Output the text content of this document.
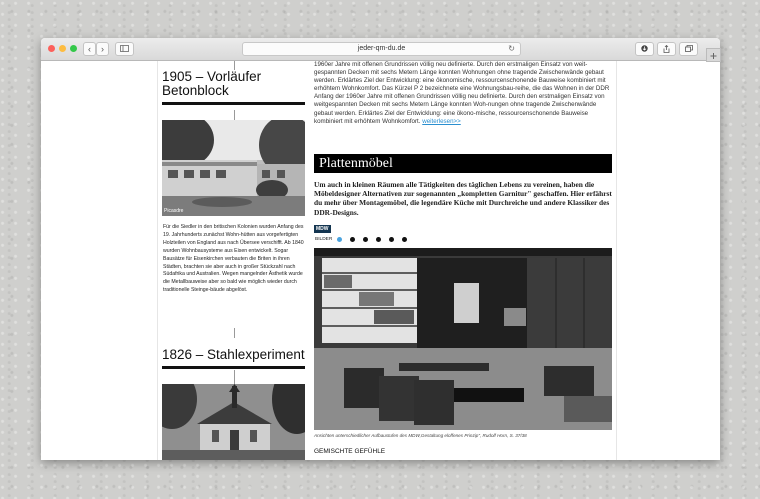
‹	›	jeder-qm-du.de	↻
1905 – Vorläufer Betonblock
Picasdre
Für die Siedler in den britischen Kolonien wurden Anfang des 19. Jahrhunderts zunächst Wohn-hütten aus vorgefertigten Holzteilen von England aus nach Übersee verschifft. Ab 1840 wurden Wohnbausysteme aus Eisen entwickelt. Sogar Bausätze für Eisenkirchen verbauten die Briten in ihren Städten, brachten sie aber auch in großer Stückzahl nach Südafrika und Australien. Wegen mangelnder Ästhetik wurde die Metallbauweise aber so bald wie möglich wieder durch traditionelle Steinge-bäude abgelöst.
1826 – Stahlexperiment
1960er Jahre mit offenen Grundrissen völlig neu definierte. Durch den erstmaligen Einsatz von weit-gespannten Decken mit sechs Metern Länge konnten Wohnungen ohne tragende Zwischenwände gebaut werden. Erklärtes Ziel der Entwicklung: eine ökonomische, ressourcenschonende Bauweise kombiniert mit erhöhtem Wohnkomfort. Das Kürzel P 2 bezeichnete eine Wohnungsbau-reihe, die das Wohnen in der DDR Anfang der 1960er Jahre mit offenen Grundrissen völlig neu definierte. Durch den erstmaligen Einsatz von weitgespannten Decken mit sechs Metern Länge konnten Woh-nungen ohne tragende Zwischenwände gebaut werden. Erklärtes Ziel der Entwicklung: eine ökono-mische, ressourcenschonende Bauweise kombiniert mit erhöhtem Wohnkomfort. weiterlesen>>
Plattenmöbel
Um auch in kleinen Räumen alle Tätigkeiten des täglichen Lebens zu vereinen, haben die Möbeldesigner Alternativen zur sogenannten „kompletten Garnitur" geschaffen. Hier erfährst du mehr über Montagemöbel, die legendäre Küche mit Durchreiche und andere Klassiker des DDR-Designs.
MDW
BILDER
Ansichten unterschiedlicher Aufbaustufen des MDW,Gestaltung eloffenes Prinzip", Rudolf Horn, S. 37/38
GEMISCHTE GEFÜHLE
